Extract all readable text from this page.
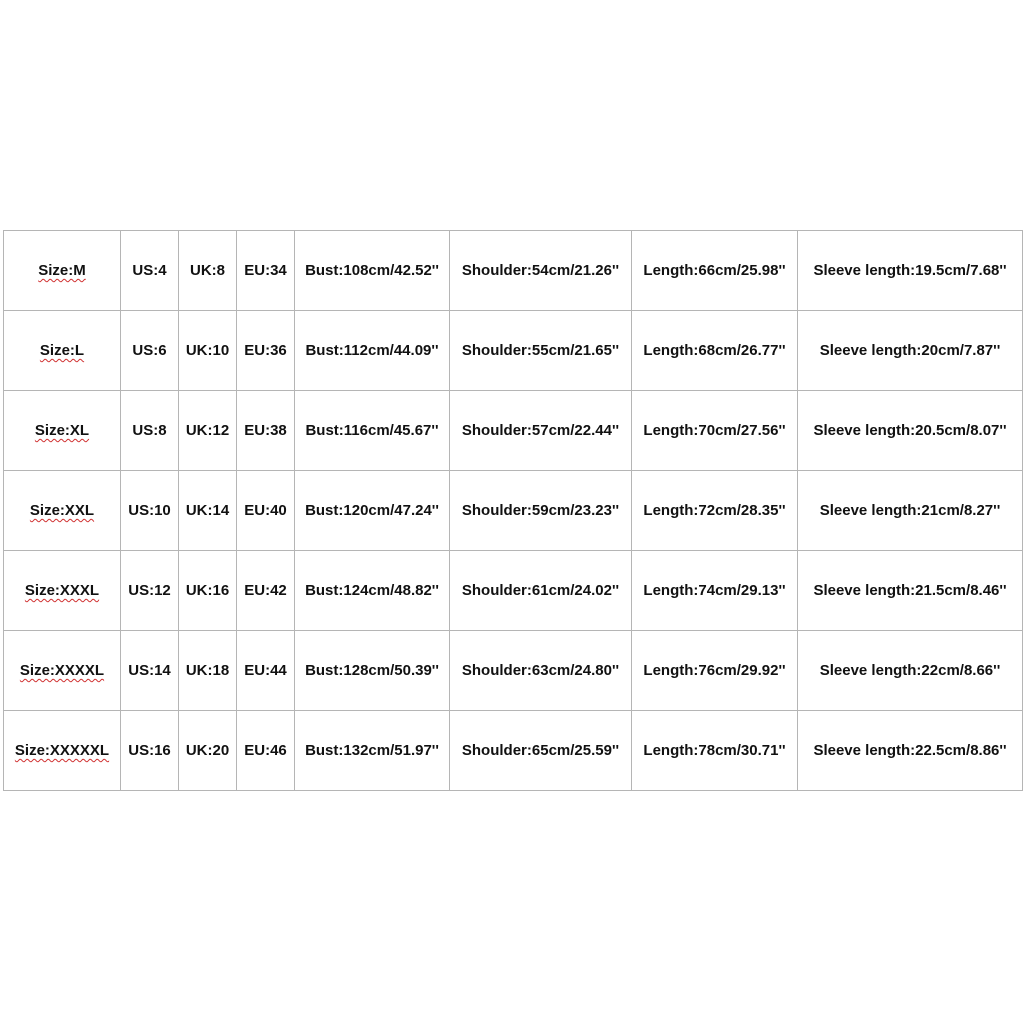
Size:M	US:4	UK:8	EU:34	Bust:108cm/42.52''	Shoulder:54cm/21.26''	Length:66cm/25.98''	Sleeve length:19.5cm/7.68''
Size:L	US:6	UK:10	EU:36	Bust:112cm/44.09''	Shoulder:55cm/21.65''	Length:68cm/26.77''	Sleeve length:20cm/7.87''
Size:XL	US:8	UK:12	EU:38	Bust:116cm/45.67''	Shoulder:57cm/22.44''	Length:70cm/27.56''	Sleeve length:20.5cm/8.07''
Size:XXL	US:10	UK:14	EU:40	Bust:120cm/47.24''	Shoulder:59cm/23.23''	Length:72cm/28.35''	Sleeve length:21cm/8.27''
Size:XXXL	US:12	UK:16	EU:42	Bust:124cm/48.82''	Shoulder:61cm/24.02''	Length:74cm/29.13''	Sleeve length:21.5cm/8.46''
Size:XXXXL	US:14	UK:18	EU:44	Bust:128cm/50.39''	Shoulder:63cm/24.80''	Length:76cm/29.92''	Sleeve length:22cm/8.66''
Size:XXXXXL	US:16	UK:20	EU:46	Bust:132cm/51.97''	Shoulder:65cm/25.59''	Length:78cm/30.71''	Sleeve length:22.5cm/8.86''
